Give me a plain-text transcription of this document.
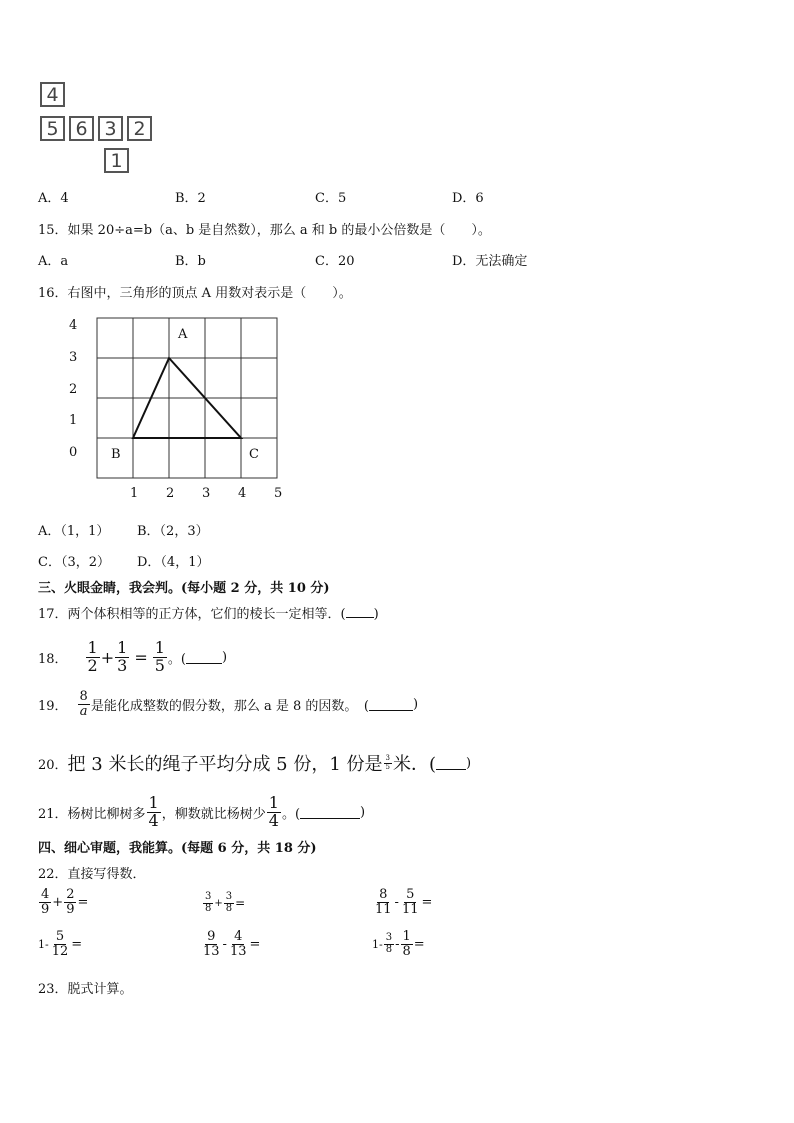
4
5 6 3 2
1
A．4	B．2	C．5	D．6
15．如果 20÷a=b（a、b 是自然数），那么 a 和 b 的最小公倍数是（　　）。
A．a	B．b	C．20	D．无法确定
16．右图中，三角形的顶点 A 用数对表示是（　　）。
4
3
2
1
0
1 2 3 4 5
A
B	C
A．（1，1） B．（2，3）
C．（3，2） D．（4，1）
三、火眼金睛，我会判。(每小题 2 分，共 10 分)
17．两个体积相等的正方体，它们的棱长一定相等．( )
18． $\frac{1}{2} + \frac{1}{3} = \frac{1}{5}$ 。(	)
19． $\frac{8}{a}$ 是能化成整数的假分数，那么 a 是 8 的因数。　(	)
20． 把 3 米长的绳子平均分成 5 份，1 份是 $\frac{3}{5}$ 米．( )
21．杨树比柳树多 $\frac{1}{4}$ ，柳数就比杨树少 $\frac{1}{4}$ 。(	)
四、细心审题，我能算。(每题 6 分，共 18 分)
22．直接写得数．
$\frac{4}{9} + \frac{2}{9}$ =	$\frac{3}{8} + \frac{3}{8}$ =	$\frac{8}{11} - \frac{5}{11}$ =
$1- \frac{5}{12}$ =	$\frac{9}{13} - \frac{4}{13}$ =	$1- \frac{3}{8} - \frac{1}{8}$ =
23．脱式计算。
